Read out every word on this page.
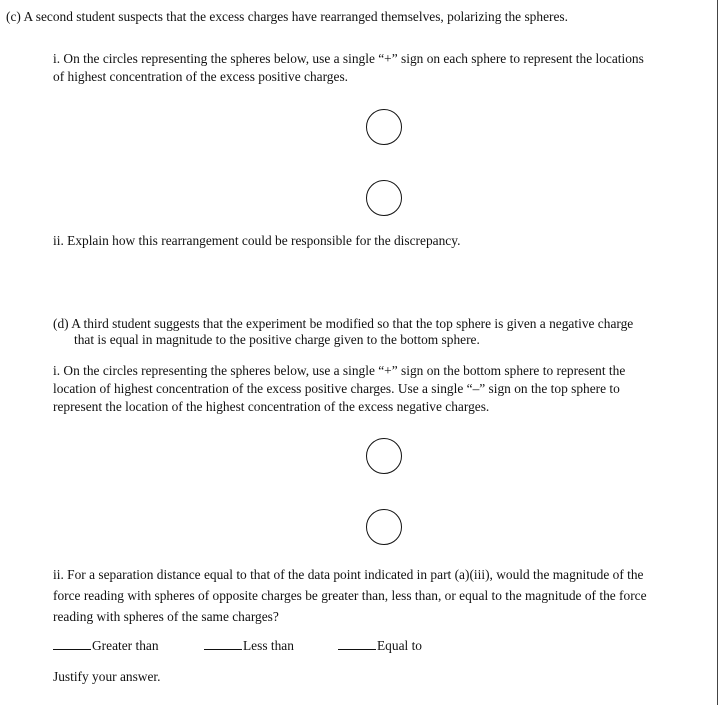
(c) A second student suspects that the excess charges have rearranged themselves, polarizing the spheres.
i. On the circles representing the spheres below, use a single “+” sign on each sphere to represent the locations
of highest concentration of the excess positive charges.
ii. Explain how this rearrangement could be responsible for the discrepancy.
(d) A third student suggests that the experiment be modified so that the top sphere is given a negative charge
that is equal in magnitude to the positive charge given to the bottom sphere.
i. On the circles representing the spheres below, use a single “+” sign on the bottom sphere to represent the
location of highest concentration of the excess positive charges. Use a single “–” sign on the top sphere to
represent the location of the highest concentration of the excess negative charges.
ii. For a separation distance equal to that of the data point indicated in part (a)(iii), would the magnitude of the
force reading with spheres of opposite charges be greater than, less than, or equal to the magnitude of the force
reading with spheres of the same charges?
Greater than	Less than	Equal to
Justify your answer.
